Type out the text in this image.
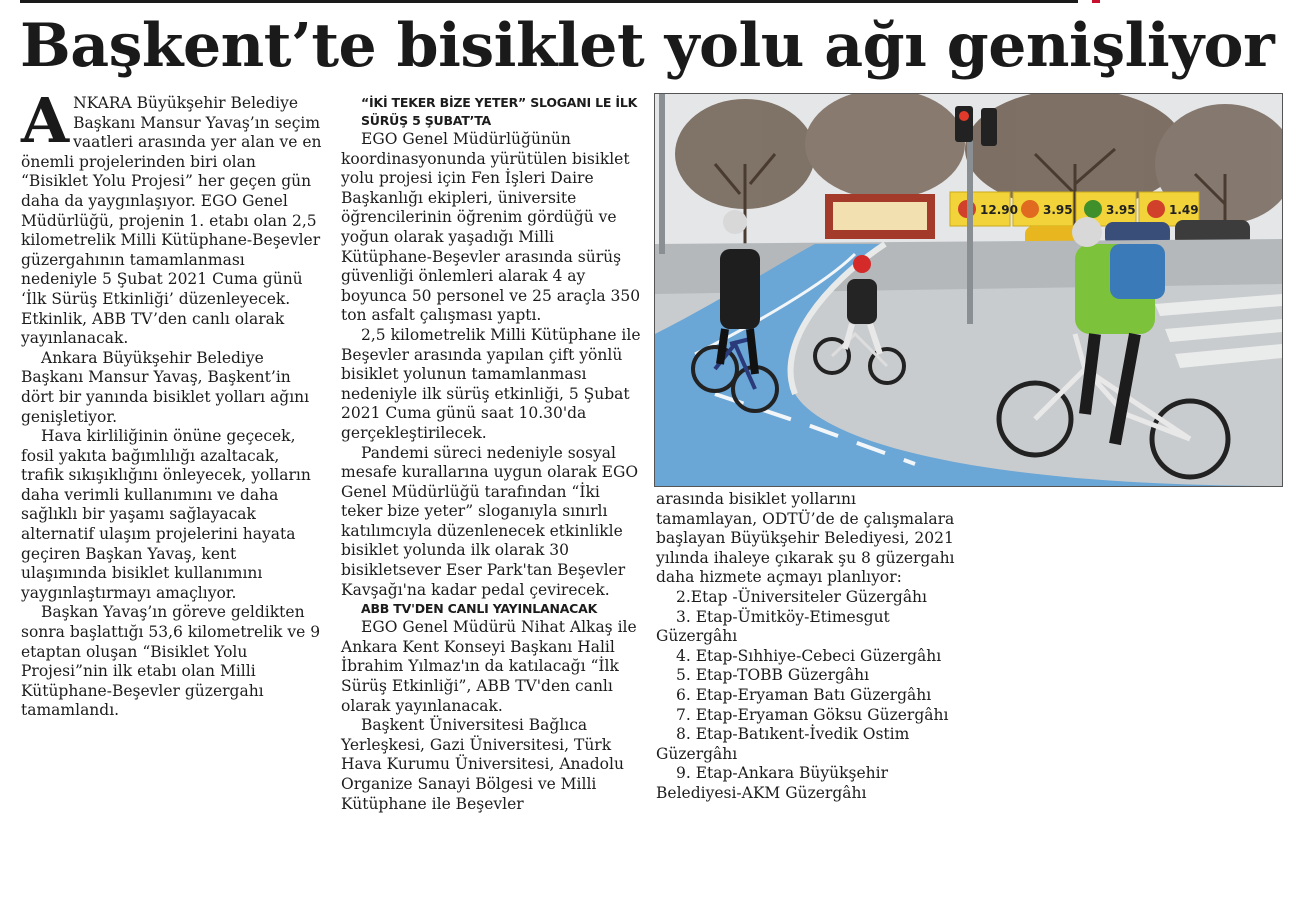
Başkent’te bisiklet yolu ağı genişliyor

ANKARA Büyükşehir Belediye Başkanı Mansur Yavaş’ın seçim vaatleri arasında yer alan ve en önemli projelerinden biri olan “Bisiklet Yolu Projesi” her geçen gün daha da yaygınlaşıyor. EGO Genel Müdürlüğü, projenin 1. etabı olan 2,5 kilometrelik Milli Kütüphane-Beşevler güzergahının tamamlanması nedeniyle 5 Şubat 2021 Cuma günü ‘İlk Sürüş Etkinliği’ düzenleyecek. Etkinlik, ABB TV’den canlı olarak yayınlanacak.

Ankara Büyükşehir Belediye Başkanı Mansur Yavaş, Başkent’in dört bir yanında bisiklet yolları ağını genişletiyor.

Hava kirliliğinin önüne geçecek, fosil yakıta bağımlılığı azaltacak, trafik sıkışıklığını önleyecek, yolların daha verimli kullanımını ve daha sağlıklı bir yaşamı sağlayacak alternatif ulaşım projelerini hayata geçiren Başkan Yavaş, kent ulaşımında bisiklet kullanımını yaygınlaştırmayı amaçlıyor.

Başkan Yavaş’ın göreve geldikten sonra başlattığı 53,6 kilometrelik ve 9 etaptan oluşan “Bisiklet Yolu Projesi”nin ilk etabı olan Milli Kütüphane-Beşevler güzergahı tamamlandı.

“İKİ TEKER BİZE YETER” SLOGANI LE İLK SÜRÜŞ 5 ŞUBAT’TA

EGO Genel Müdürlüğünün koordinasyonunda yürütülen bisiklet yolu projesi için Fen İşleri Daire Başkanlığı ekipleri, üniversite öğrencilerinin öğrenim gördüğü ve yoğun olarak yaşadığı Milli Kütüphane-Beşevler arasında sürüş güvenliği önlemleri alarak 4 ay boyunca 50 personel ve 25 araçla 350 ton asfalt çalışması yaptı.

2,5 kilometrelik Milli Kütüphane ile Beşevler arasında yapılan çift yönlü bisiklet yolunun tamamlanması nedeniyle ilk sürüş etkinliği, 5 Şubat 2021 Cuma günü saat 10.30'da gerçekleştirilecek.

Pandemi süreci nedeniyle sosyal mesafe kurallarına uygun olarak EGO Genel Müdürlüğü tarafından “İki teker bize yeter” sloganıyla sınırlı katılımcıyla düzenlenecek etkinlikle bisiklet yolunda ilk olarak 30 bisikletsever Eser Park'tan Beşevler Kavşağı'na kadar pedal çevirecek.

ABB TV'DEN CANLI YAYINLANACAK

EGO Genel Müdürü Nihat Alkaş ile Ankara Kent Konseyi Başkanı Halil İbrahim Yılmaz'ın da katılacağı “İlk Sürüş Etkinliği”, ABB TV'den canlı olarak yayınlanacak.

Başkent Üniversitesi Bağlıca Yerleşkesi, Gazi Üniversitesi, Türk Hava Kurumu Üniversitesi, Anadolu Organize Sanayi Bölgesi ve Milli Kütüphane ile Beşevler

12.90 3.95	3.95	1.49

arasında bisiklet yollarını tamamlayan, ODTÜ’de de çalışmalara başlayan Büyükşehir Belediyesi, 2021 yılında ihaleye çıkarak şu 8 güzergahı daha hizmete açmayı planlıyor:

2.Etap -Üniversiteler Güzergâhı

3. Etap-Ümitköy-Etimesgut Güzergâhı

4. Etap-Sıhhiye-Cebeci Güzergâhı

5. Etap-TOBB Güzergâhı

6. Etap-Eryaman Batı Güzergâhı

7. Etap-Eryaman Göksu Güzergâhı

8. Etap-Batıkent-İvedik Ostim Güzergâhı

9. Etap-Ankara Büyükşehir Belediyesi-AKM Güzergâhı
